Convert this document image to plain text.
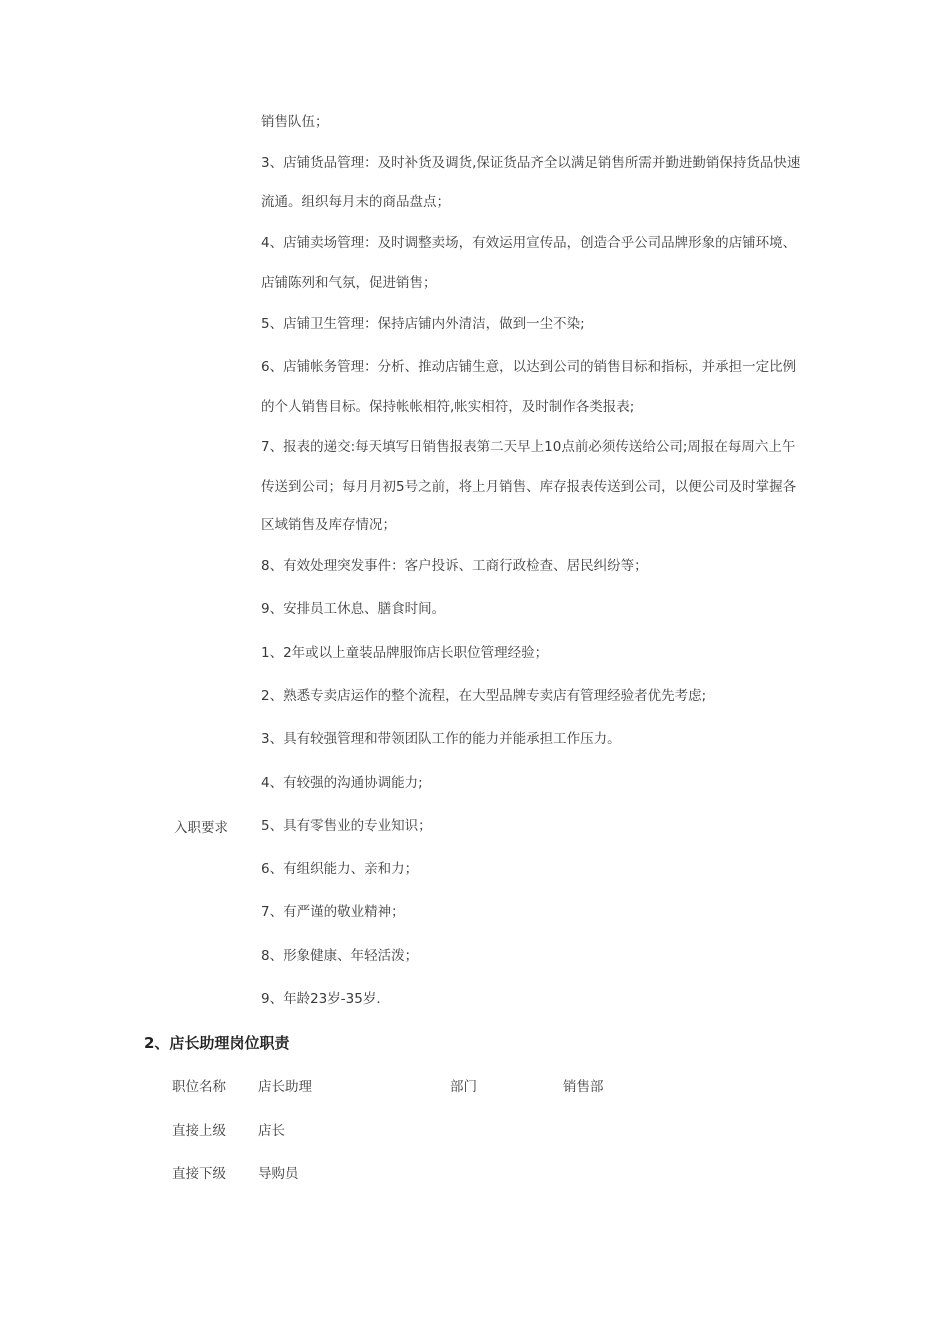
销售队伍；
3、店铺货品管理：及时补货及调货,保证货品齐全以满足销售所需并勤进勤销保持货品快速
流通。组织每月末的商品盘点；
4、店铺卖场管理：及时调整卖场，有效运用宣传品，创造合乎公司品牌形象的店铺环境、
店铺陈列和气氛，促进销售；
5、店铺卫生管理：保持店铺内外清洁，做到一尘不染;
6、店铺帐务管理：分析、推动店铺生意，以达到公司的销售目标和指标，并承担一定比例
的个人销售目标。保持帐帐相符,帐实相符，及时制作各类报表;
7、报表的递交:每天填写日销售报表第二天早上10点前必须传送给公司;周报在每周六上午
传送到公司；每月月初5号之前，将上月销售、库存报表传送到公司，以便公司及时掌握各
区域销售及库存情况；
8、有效处理突发事件：客户投诉、工商行政检查、居民纠纷等；
9、安排员工休息、膳食时间。
入职要求
1、2年或以上童装品牌服饰店长职位管理经验；
2、熟悉专卖店运作的整个流程，在大型品牌专卖店有管理经验者优先考虑;
3、具有较强管理和带领团队工作的能力并能承担工作压力。
4、有较强的沟通协调能力;
5、具有零售业的专业知识；
6、有组织能力、亲和力；
7、有严谨的敬业精神；
8、形象健康、年轻活泼；
9、年龄23岁-35岁.
2、店长助理岗位职责
职位名称 店长助理	部门	销售部
直接上级 店长
直接下级 导购员
